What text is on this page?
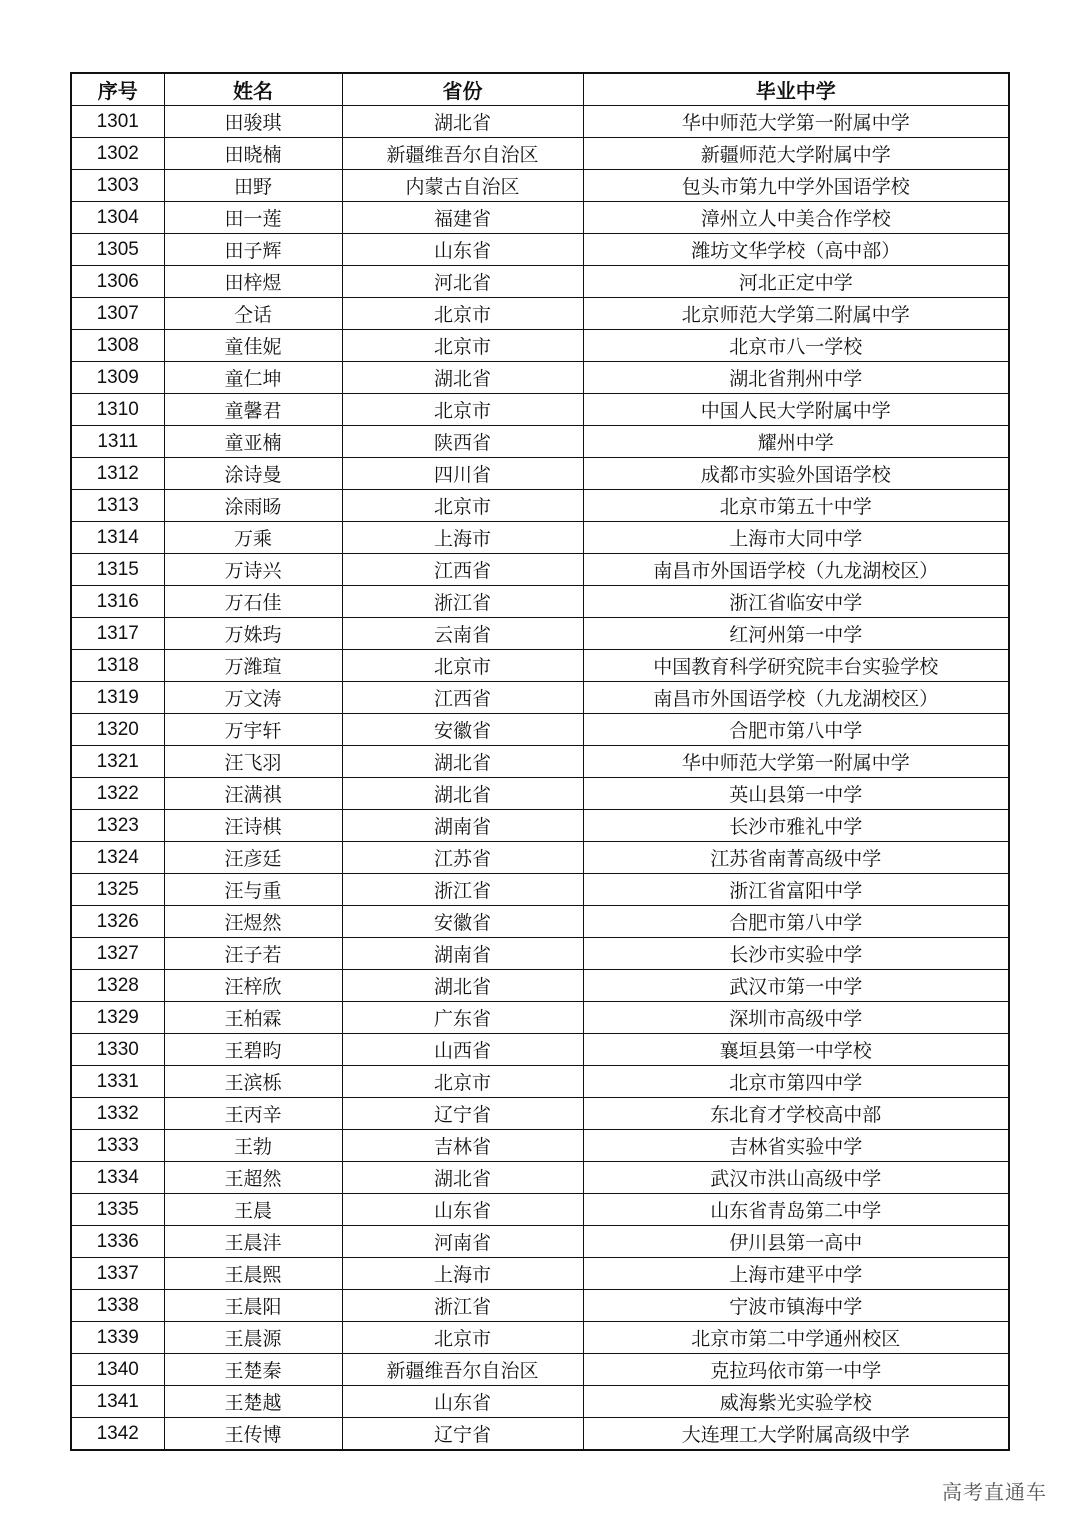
序号	姓名	省份	毕业中学
1301	田骏琪	湖北省	华中师范大学第一附属中学
1302	田晓楠	新疆维吾尔自治区	新疆师范大学附属中学
1303	田野	内蒙古自治区	包头市第九中学外国语学校
1304	田一莲	福建省	漳州立人中美合作学校
1305	田子辉	山东省	潍坊文华学校（高中部）
1306	田梓煜	河北省	河北正定中学
1307	仝话	北京市	北京师范大学第二附属中学
1308	童佳妮	北京市	北京市八一学校
1309	童仁坤	湖北省	湖北省荆州中学
1310	童馨君	北京市	中国人民大学附属中学
1311	童亚楠	陕西省	耀州中学
1312	涂诗曼	四川省	成都市实验外国语学校
1313	涂雨旸	北京市	北京市第五十中学
1314	万乘	上海市	上海市大同中学
1315	万诗兴	江西省	南昌市外国语学校（九龙湖校区）
1316	万石佳	浙江省	浙江省临安中学
1317	万姝玙	云南省	红河州第一中学
1318	万潍瑄	北京市	中国教育科学研究院丰台实验学校
1319	万文涛	江西省	南昌市外国语学校（九龙湖校区）
1320	万宇轩	安徽省	合肥市第八中学
1321	汪飞羽	湖北省	华中师范大学第一附属中学
1322	汪满祺	湖北省	英山县第一中学
1323	汪诗棋	湖南省	长沙市雅礼中学
1324	汪彦廷	江苏省	江苏省南菁高级中学
1325	汪与重	浙江省	浙江省富阳中学
1326	汪煜然	安徽省	合肥市第八中学
1327	汪子若	湖南省	长沙市实验中学
1328	汪梓欣	湖北省	武汉市第一中学
1329	王柏霖	广东省	深圳市高级中学
1330	王碧昀	山西省	襄垣县第一中学校
1331	王滨栎	北京市	北京市第四中学
1332	王丙辛	辽宁省	东北育才学校高中部
1333	王勃	吉林省	吉林省实验中学
1334	王超然	湖北省	武汉市洪山高级中学
1335	王晨	山东省	山东省青岛第二中学
1336	王晨沣	河南省	伊川县第一高中
1337	王晨熙	上海市	上海市建平中学
1338	王晨阳	浙江省	宁波市镇海中学
1339	王晨源	北京市	北京市第二中学通州校区
1340	王楚秦	新疆维吾尔自治区	克拉玛依市第一中学
1341	王楚越	山东省	威海紫光实验学校
1342	王传博	辽宁省	大连理工大学附属高级中学
高考直通车
